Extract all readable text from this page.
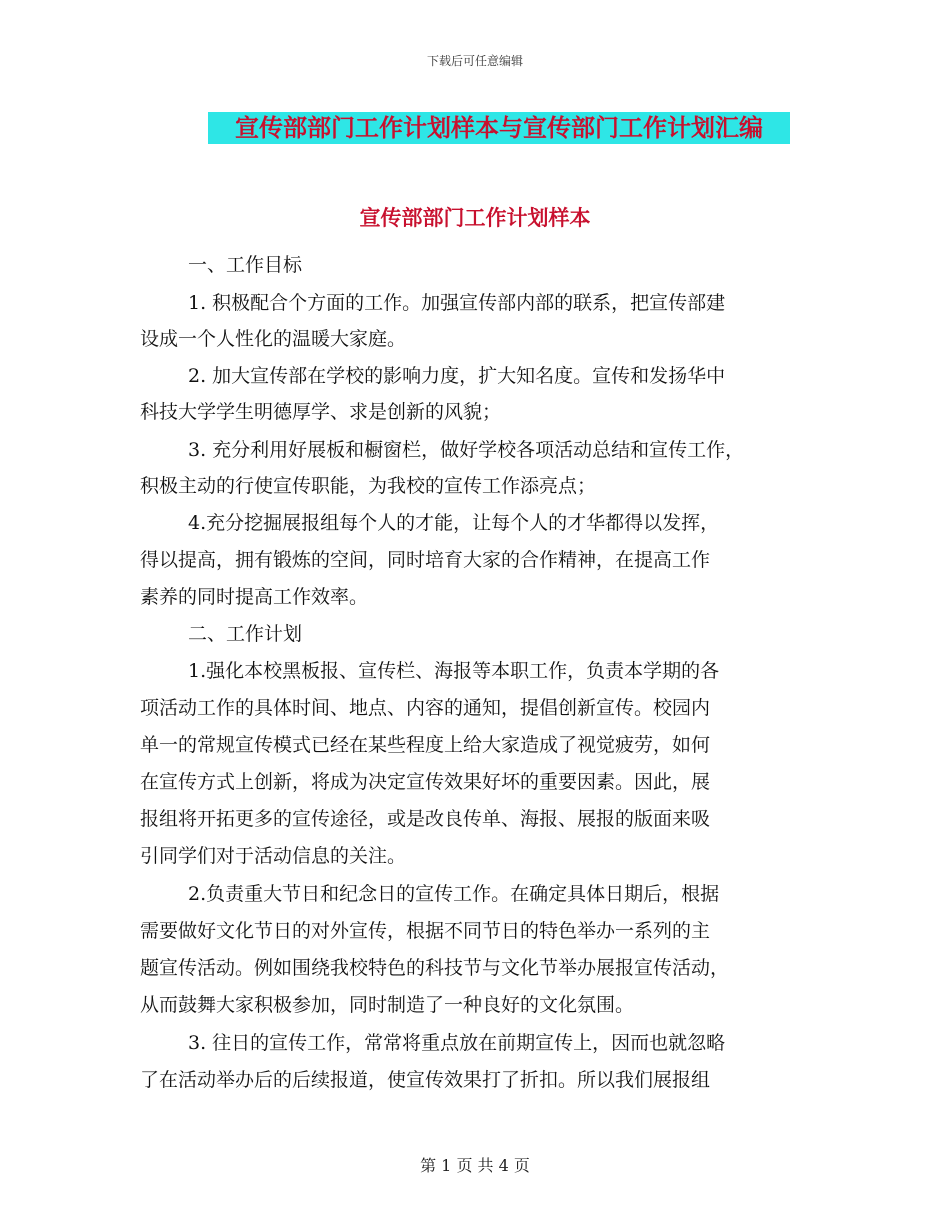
下载后可任意编辑
宣传部部门工作计划样本与宣传部门工作计划汇编
宣传部部门工作计划样本
一、工作目标
1. 积极配合个方面的工作。加强宣传部内部的联系，把宣传部建
设成一个人性化的温暖大家庭。
2. 加大宣传部在学校的影响力度，扩大知名度。宣传和发扬华中
科技大学学生明德厚学、求是创新的风貌；
3. 充分利用好展板和橱窗栏，做好学校各项活动总结和宣传工作，
积极主动的行使宣传职能，为我校的宣传工作添亮点；
4.充分挖掘展报组每个人的才能，让每个人的才华都得以发挥，
得以提高，拥有锻炼的空间，同时培育大家的合作精神，在提高工作
素养的同时提高工作效率。
二、工作计划
1.强化本校黑板报、宣传栏、海报等本职工作，负责本学期的各
项活动工作的具体时间、地点、内容的通知，提倡创新宣传。校园内
单一的常规宣传模式已经在某些程度上给大家造成了视觉疲劳，如何
在宣传方式上创新，将成为决定宣传效果好坏的重要因素。因此，展
报组将开拓更多的宣传途径，或是改良传单、海报、展报的版面来吸
引同学们对于活动信息的关注。
2.负责重大节日和纪念日的宣传工作。在确定具体日期后，根据
需要做好文化节日的对外宣传，根据不同节日的特色举办一系列的主
题宣传活动。例如围绕我校特色的科技节与文化节举办展报宣传活动，
从而鼓舞大家积极参加，同时制造了一种良好的文化氛围。
3. 往日的宣传工作，常常将重点放在前期宣传上，因而也就忽略
了在活动举办后的后续报道，使宣传效果打了折扣。所以我们展报组
第 1 页 共 4 页
